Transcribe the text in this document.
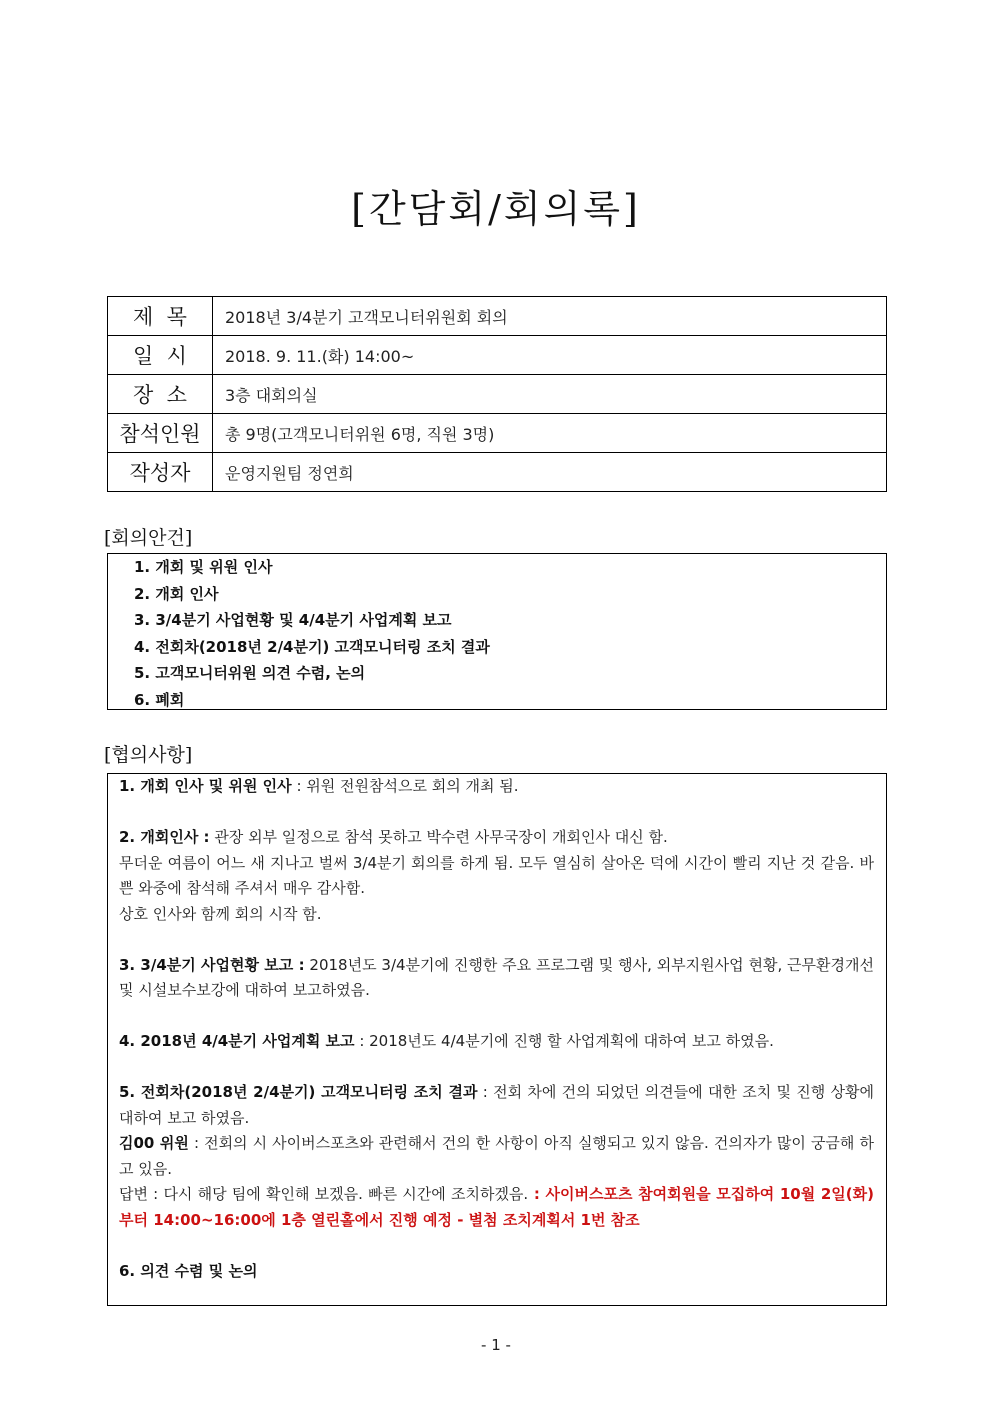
[간담회/회의록]
제  목	2018년 3/4분기 고객모니터위원회 회의
일  시	2018. 9. 11.(화) 14:00~
장  소	3층 대회의실
참석인원	총 9명(고객모니터위원 6명, 직원 3명)
작성자	운영지원팀 정연희
[회의안건]
1. 개회 및 위원 인사
2. 개회 인사
3. 3/4분기 사업현황 및 4/4분기 사업계획 보고
4. 전회차(2018년 2/4분기) 고객모니터링 조치 결과
5. 고객모니터위원 의견 수렴, 논의
6. 폐회
[협의사항]

1. 개회 인사 및 위원 인사 : 위원 전원참석으로 회의 개최 됨.

2. 개회인사 : 관장 외부 일정으로 참석 못하고 박수련 사무국장이 개회인사 대신 함.

무더운 여름이 어느 새 지나고 벌써 3/4분기 회의를 하게 됨. 모두 열심히 살아온 덕에 시간이 빨리 지난 것 같음. 바쁜 와중에 참석해 주셔서 매우 감사함.

상호 인사와 함께 회의 시작 함.

3. 3/4분기 사업현황 보고 : 2018년도 3/4분기에 진행한 주요 프로그램 및 행사, 외부지원사업 현황, 근무환경개선 및 시설보수보강에 대하여 보고하였음.

4. 2018년 4/4분기 사업계획 보고 : 2018년도 4/4분기에 진행 할 사업계획에 대하여 보고 하였음.

5. 전회차(2018년 2/4분기) 고객모니터링 조치 결과 : 전회 차에 건의 되었던 의견들에 대한 조치 및 진행 상황에 대하여 보고 하였음.

김00 위원 : 전회의 시 사이버스포츠와 관련해서 건의 한 사항이 아직 실행되고 있지 않음. 건의자가 많이 궁금해 하고 있음.

답변 : 다시 해당 팀에 확인해 보겠음. 빠른 시간에 조치하겠음. : 사이버스포츠 참여회원을 모집하여 10월 2일(화)부터 14:00~16:00에 1층 열린홀에서 진행 예정 - 별첨 조치계획서 1번 참조

6. 의견 수렴 및 논의

- 1 -
